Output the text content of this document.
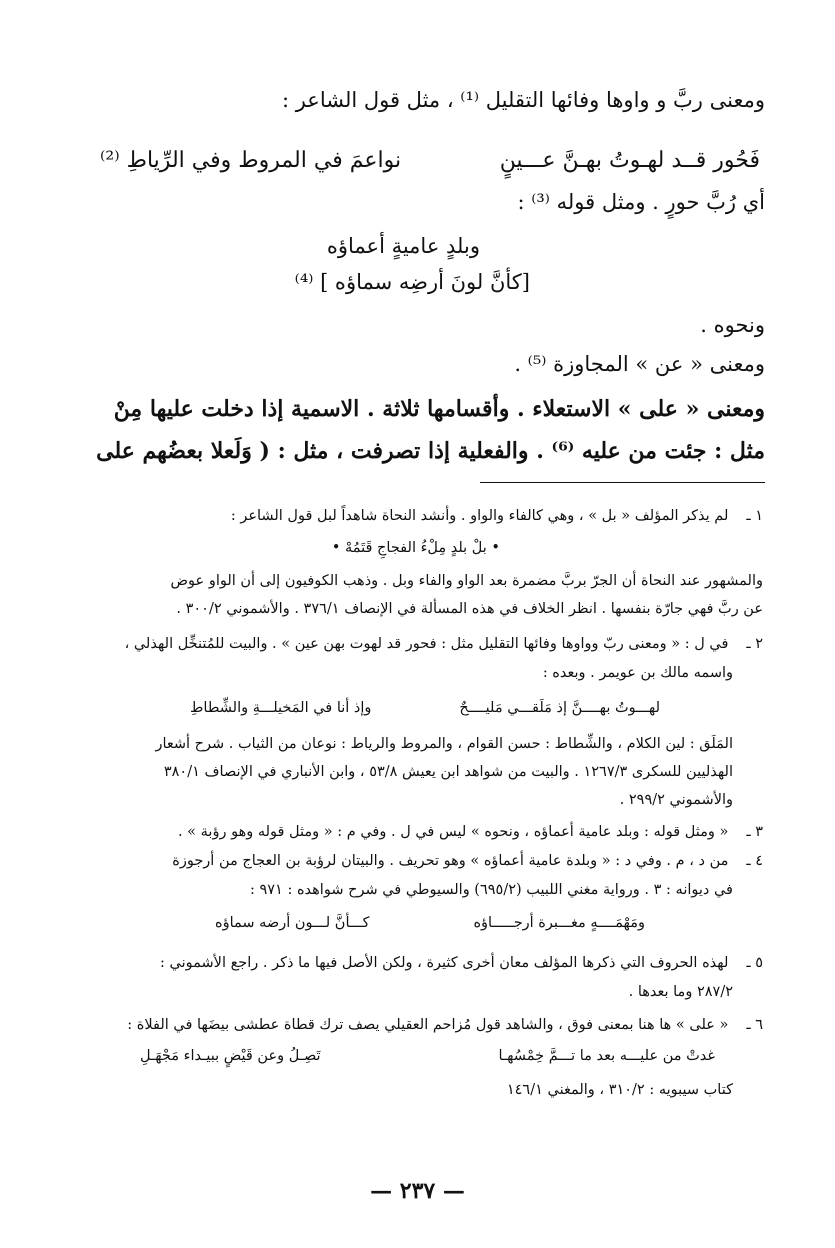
ومعنى ربَّ و واوها وفائها التقليل ⁽¹⁾ ، مثل قول الشاعر :
فَحُور قــد لهـوتُ بهـنَّ عـــينٍ
نواعمَ في المروط وفي الرِّياطِ ⁽²⁾
أي رُبَّ حورٍ . ومثل قوله ⁽³⁾ :
وبلدٍ عاميةٍ أعماؤه
[كأنَّ لونَ أرضِه سماؤه ] ⁽⁴⁾
ونحوه .
ومعنى « عن » المجاوزة ⁽⁵⁾ .
ومعنى « على » الاستعلاء . وأقسامها ثلاثة . الاسمية إذا دخلت عليها مِنْ
مثل : جئت من عليه ⁽⁶⁾ . والفعلية إذا تصرفت ، مثل : ( وَلَعلا بعضُهم على
١ ـ لم يذكر المؤلف « بل » ، وهي كالفاء والواو . وأنشد النحاة شاهداً لبل قول الشاعر :
• بلْ بلدٍ مِلْءُ الفجاجِ قَتَمُهْ •
والمشهور عند النحاة أن الجرّ بربَّ مضمرة بعد الواو والفاء وبل . وذهب الكوفيون إلى أن الواو عوض
عن ربَّ فهي جارّة بنفسها . انظر الخلاف في هذه المسألة في الإنصاف ٣٧٦/١ . والأشموني ٣٠٠/٢ .
٢ ـ في ل : « ومعنى ربّ وواوها وفائها التقليل مثل : فحور قد لهوت بهن عين » . والبيت للمُتنخِّل الهذلي ،
واسمه مالك بن عويمر . وبعده :
لهـــوتُ بهــــنَّ إذ مَلَقـــي مَليــــحٌ
وإذ أنا في المَخيلـــةِ والشِّطاطِ
المَلَق : لين الكلام ، والشِّطاط : حسن القوام ، والمروط والرياط : نوعان من الثياب . شرح أشعار
الهذليين للسكرى ١٢٦٧/٣ . والبيت من شواهد ابن يعيش ٥٣/٨ ، وابن الأنباري في الإنصاف ٣٨٠/١
والأشموني ٢٩٩/٢ .
٣ ـ « ومثل قوله : وبلد عامية أعماؤه ، ونحوه » ليس في ل . وفي م : « ومثل قوله وهو رؤبة » .
٤ ـ من د ، م . وفي د : « وبلدة عامية أعماؤه » وهو تحريف . والبيتان لرؤبة بن العجاج من أرجوزة
في ديوانه : ٣ . ورواية مغني اللبيب (٦٩٥/٢) والسيوطي في شرح شواهده : ٩٧١ :
ومَهْمَــــهٍ مغـــبرة أرجـــــاؤه
كـــأنَّ لـــون أرضه سماؤه
٥ ـ لهذه الحروف التي ذكرها المؤلف معان أخرى كثيرة ، ولكن الأصل فيها ما ذكر . راجع الأشموني :
٢٨٧/٢ وما بعدها .
٦ ـ « على » ها هنا بمعنى فوق ، والشاهد قول مُزاحم العقيلي يصف ترك قطاة عطشى بيضَها في الفلاة :
غدتْ من عليـــه بعد ما تـــمَّ خِمْسُهـا
تَصِـلُ وعن قَيْضٍ ببيـداء مَجْهَـلِ
كتاب سيبويه : ٣١٠/٢ ، والمغني ١٤٦/١
— ٢٣٧ —
